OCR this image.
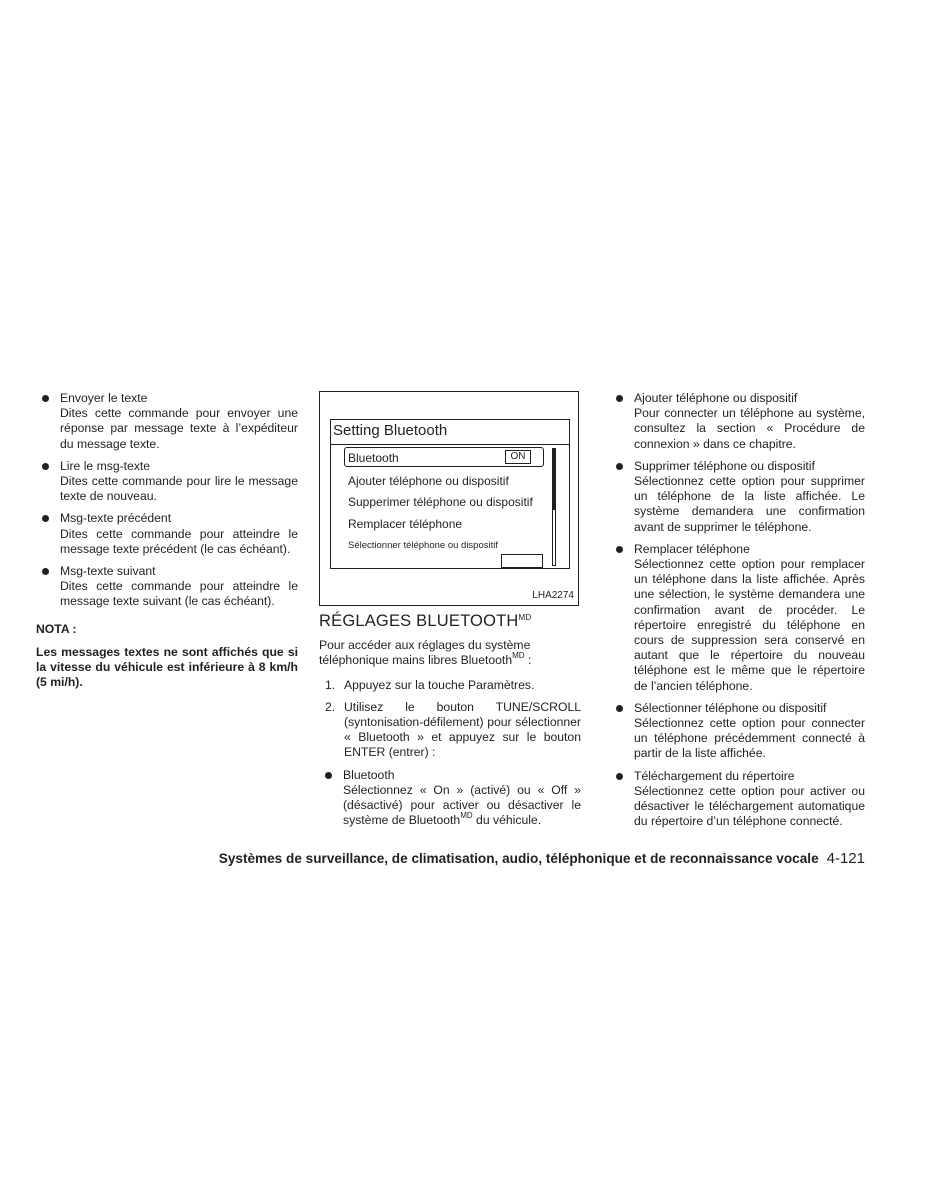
Envoyer le texte
Dites cette commande pour envoyer une réponse par message texte à l’expéditeur du message texte.
Lire le msg-texte
Dites cette commande pour lire le message texte de nouveau.
Msg-texte précédent
Dites cette commande pour atteindre le message texte précédent (le cas échéant).
Msg-texte suivant
Dites cette commande pour atteindre le message texte suivant (le cas échéant).
NOTA :
Les messages textes ne sont affichés que si la vitesse du véhicule est inférieure à 8 km/h (5 mi/h).
Setting Bluetooth
Bluetooth	ON
Ajouter téléphone ou dispositif
Supperimer téléphone ou dispositif
Remplacer téléphone
Sélectionner téléphone ou dispositif
LHA2274
RÉGLAGES $BLUETOOTH^{MD}$
Pour accéder aux réglages du système téléphonique mains libres Bluetooth$^{MD}$ :
1. Appuyez sur la touche Paramètres.
2. Utilisez le bouton TUNE/SCROLL (syntonisation-défilement) pour sélectionner « Bluetooth » et appuyez sur le bouton ENTER (entrer) :
Bluetooth
Sélectionnez « On » (activé) ou « Off » (désactivé) pour activer ou désactiver le système de Bluetooth$^{MD}$ du véhicule.
Ajouter téléphone ou dispositif
Pour connecter un téléphone au système, consultez la section « Procédure de connexion » dans ce chapitre.
Supprimer téléphone ou dispositif
Sélectionnez cette option pour supprimer un téléphone de la liste affichée. Le système demandera une confirmation avant de supprimer le téléphone.
Remplacer téléphone
Sélectionnez cette option pour remplacer un téléphone dans la liste affichée. Après une sélection, le système demandera une confirmation avant de procéder. Le répertoire enregistré du téléphone en cours de suppression sera conservé en autant que le répertoire du nouveau téléphone est le même que le répertoire de l’ancien téléphone.
Sélectionner téléphone ou dispositif
Sélectionnez cette option pour connecter un téléphone précédemment connecté à partir de la liste affichée.
Téléchargement du répertoire
Sélectionnez cette option pour activer ou désactiver le téléchargement automatique du répertoire d’un téléphone connecté.
Systèmes de surveillance, de climatisation, audio, téléphonique et de reconnaissance vocale 4-121
